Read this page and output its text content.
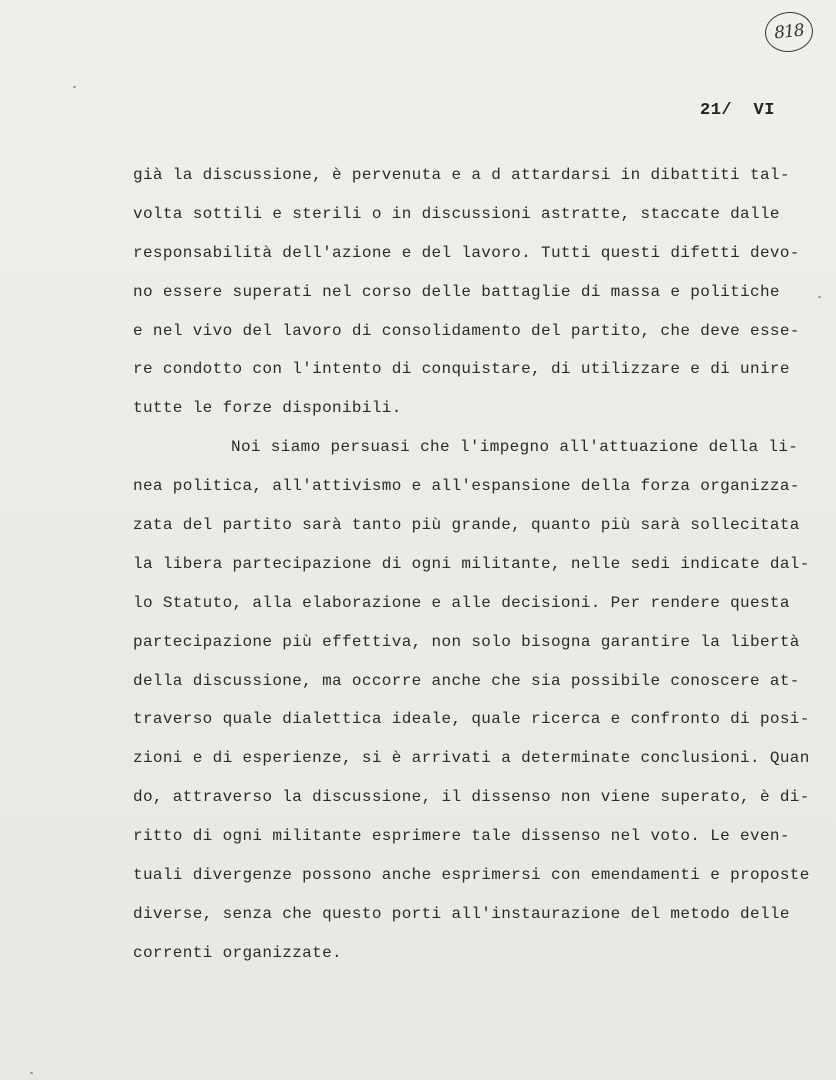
818
21/  VI
già la discussione, è pervenuta e a d attardarsi in dibattiti tal-
volta sottili e sterili o in discussioni astratte, staccate dalle
responsabilità dell'azione e del lavoro. Tutti questi difetti devo-
no essere superati nel corso delle battaglie di massa e politiche
e nel vivo del lavoro di consolidamento del partito, che deve esse-
re condotto con l'intento di conquistare, di utilizzare e di unire
tutte le forze disponibili.
Noi siamo persuasi che l'impegno all'attuazione della li-
nea politica, all'attivismo e all'espansione della forza organizza-
zata del partito sarà tanto più grande, quanto più sarà sollecitata
la libera partecipazione di ogni militante, nelle sedi indicate dal-
lo Statuto, alla elaborazione e alle decisioni. Per rendere questa
partecipazione più effettiva, non solo bisogna garantire la libertà
della discussione, ma occorre anche che sia possibile conoscere at-
traverso quale dialettica ideale, quale ricerca e confronto di posi-
zioni e di esperienze, si è arrivati a determinate conclusioni. Quan
do, attraverso la discussione, il dissenso non viene superato, è di-
ritto di ogni militante esprimere tale dissenso nel voto. Le even-
tuali divergenze possono anche esprimersi con emendamenti e proposte
diverse, senza che questo porti all'instaurazione del metodo delle
correnti organizzate.
